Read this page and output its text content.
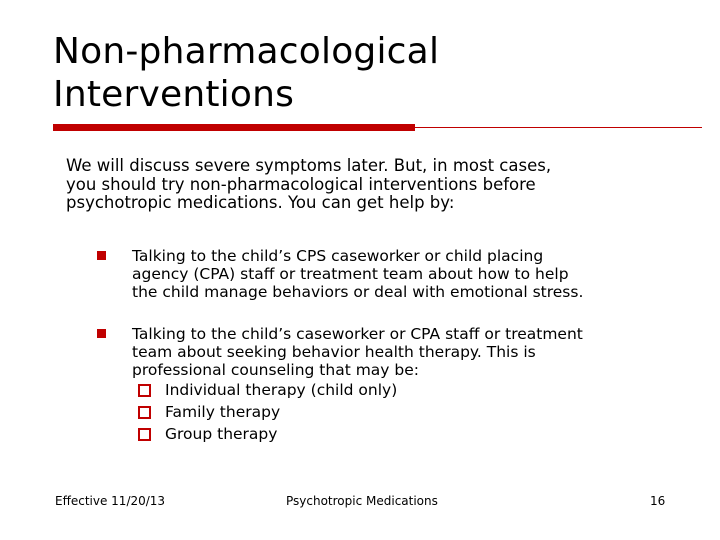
Non-pharmacological
Interventions

We will discuss severe symptoms later. But, in most cases,
you should try non-pharmacological interventions before
psychotropic medications. You can get help by:

Talking to the child’s CPS caseworker or child placing
agency (CPA) staff or treatment team about how to help
the child manage behaviors or deal with emotional stress.
Talking to the child’s caseworker or CPA staff or treatment
team about seeking behavior health therapy. This is
professional counseling that may be:
Individual therapy (child only)
Family therapy
Group therapy
Effective 11/20/13	Psychotropic Medications	16
